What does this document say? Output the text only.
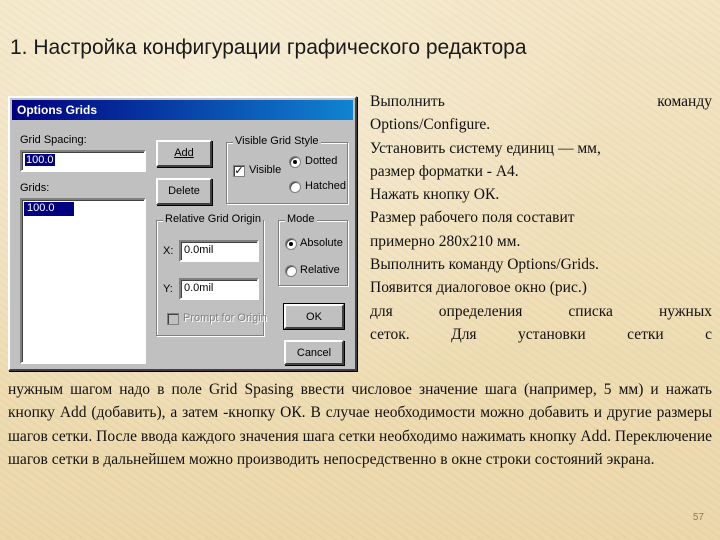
1. Настройка конфигурации графического редактора
Options Grids
Grid Spacing:
100.0
Grids:
100.0
Add
Delete
Visible Grid Style
✓ Visible
Dotted
Hatched
Relative Grid Origin
X: 0.0mil
Y:	0.0mil
Prompt for Origin
Mode
Absolute
Relative
OK
Cancel

Выполнить команду

Options/Configure.

Установить систему единиц — мм,

размер форматки - А4.

Нажать кнопку ОК.

Размер рабочего поля составит

примерно 280х210 мм.

Выполнить команду Options/Grids.

Появится диалоговое окно (рис.)

для определения списка нужных

сеток. Для установки сетки с

нужным шагом надо в поле Grid Spasing ввести числовое значение шага (например, 5 мм) и нажать кнопку Add (добавить), а затем -кнопку ОК. В случае необходимости можно добавить и другие размеры шагов сетки. После ввода каждого значения шага сетки необходимо нажимать кнопку Add. Переключение шагов сетки в дальнейшем можно производить непосредственно в окне строки состояний экрана.

57
